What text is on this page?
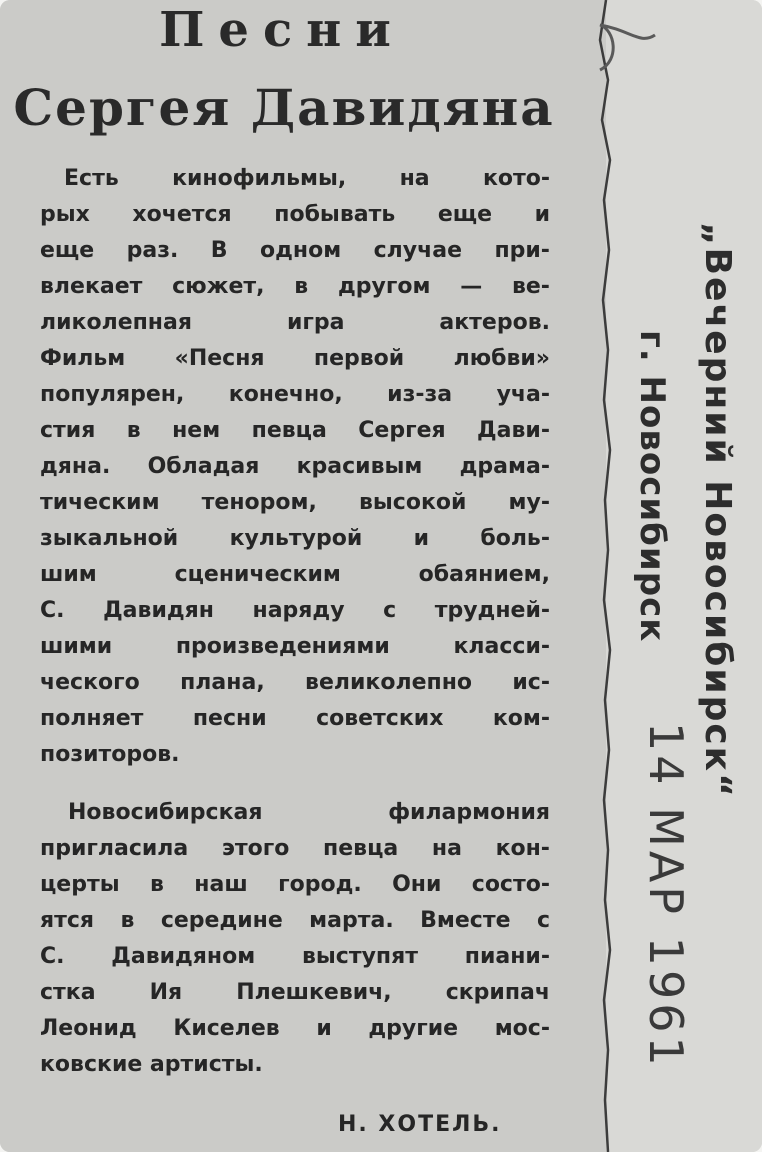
Песни
Сергея Давидяна
Есть кинофильмы, на кото-
рых хочется побывать еще и
еще раз. В одном случае при-
влекает сюжет, в другом — ве-
ликолепная	игра	актеров.
Фильм «Песня первой любви»
популярен, конечно, из-за уча-
стия в нем певца Сергея Дави-
дяна. Обладая красивым драма-
тическим тенором, высокой му-
зыкальной культурой и боль-
шим	сценическим	обаянием,
С. Давидян наряду с трудней-
шими	произведениями	класси-
ческого плана, великолепно ис-
полняет песни советских ком-
позиторов.
Новосибирская	филармония
пригласила этого певца на кон-
церты в наш город. Они состо-
ятся в середине марта. Вместе с
С. Давидяном выступят пиани-
стка Ия Плешкевич, скрипач
Леонид Киселев и другие мос-
ковские артисты.
Н. ХОТЕЛЬ.
„Вечерний Новосибирск“
г. Новосибирск
14 МАР 1961
